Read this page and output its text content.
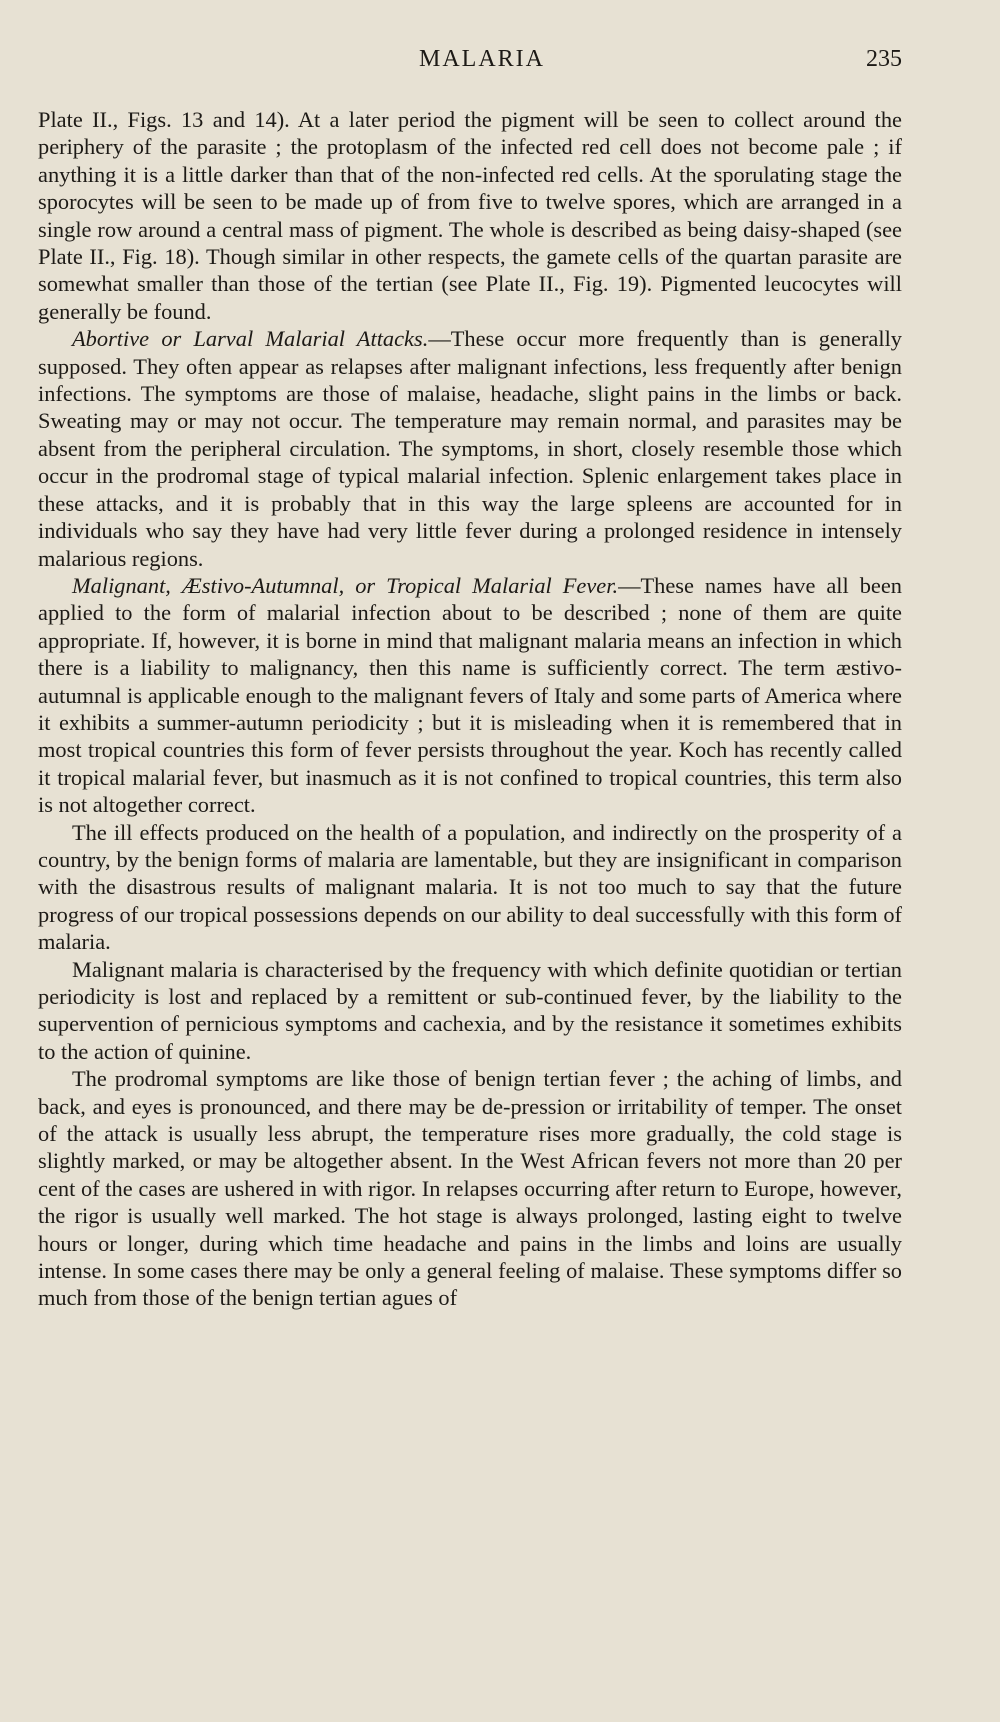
MALARIA	235

Plate II., Figs. 13 and 14). At a later period the pigment will be seen to collect around the periphery of the parasite ; the protoplasm of the infected red cell does not become pale ; if anything it is a little darker than that of the non-infected red cells. At the sporulating stage the sporocytes will be seen to be made up of from five to twelve spores, which are arranged in a single row around a central mass of pigment. The whole is described as being daisy-shaped (see Plate II., Fig. 18). Though similar in other respects, the gamete cells of the quartan parasite are somewhat smaller than those of the tertian (see Plate II., Fig. 19). Pigmented leucocytes will generally be found.

Abortive or Larval Malarial Attacks.—These occur more frequently than is generally supposed. They often appear as relapses after malignant infections, less frequently after benign infections. The symptoms are those of malaise, headache, slight pains in the limbs or back. Sweating may or may not occur. The temperature may remain normal, and parasites may be absent from the peripheral circulation. The symptoms, in short, closely resemble those which occur in the prodromal stage of typical malarial infection. Splenic enlargement takes place in these attacks, and it is probably that in this way the large spleens are accounted for in individuals who say they have had very little fever during a prolonged residence in intensely malarious regions.

Malignant, Æstivo-Autumnal, or Tropical Malarial Fever.—These names have all been applied to the form of malarial infection about to be described ; none of them are quite appropriate. If, however, it is borne in mind that malignant malaria means an infection in which there is a liability to malignancy, then this name is sufficiently correct. The term æstivo-autumnal is applicable enough to the malignant fevers of Italy and some parts of America where it exhibits a summer-autumn periodicity ; but it is misleading when it is remembered that in most tropical countries this form of fever persists throughout the year. Koch has recently called it tropical malarial fever, but inasmuch as it is not confined to tropical countries, this term also is not altogether correct.

The ill effects produced on the health of a population, and indirectly on the prosperity of a country, by the benign forms of malaria are lamentable, but they are insignificant in comparison with the disastrous results of malignant malaria. It is not too much to say that the future progress of our tropical possessions depends on our ability to deal successfully with this form of malaria.

Malignant malaria is characterised by the frequency with which definite quotidian or tertian periodicity is lost and replaced by a remittent or sub-continued fever, by the liability to the supervention of pernicious symptoms and cachexia, and by the resistance it sometimes exhibits to the action of quinine.

The prodromal symptoms are like those of benign tertian fever ; the aching of limbs, and back, and eyes is pronounced, and there may be de-pression or irritability of temper. The onset of the attack is usually less abrupt, the temperature rises more gradually, the cold stage is slightly marked, or may be altogether absent. In the West African fevers not more than 20 per cent of the cases are ushered in with rigor. In relapses occurring after return to Europe, however, the rigor is usually well marked. The hot stage is always prolonged, lasting eight to twelve hours or longer, during which time headache and pains in the limbs and loins are usually intense. In some cases there may be only a general feeling of malaise. These symptoms differ so much from those of the benign tertian agues of
